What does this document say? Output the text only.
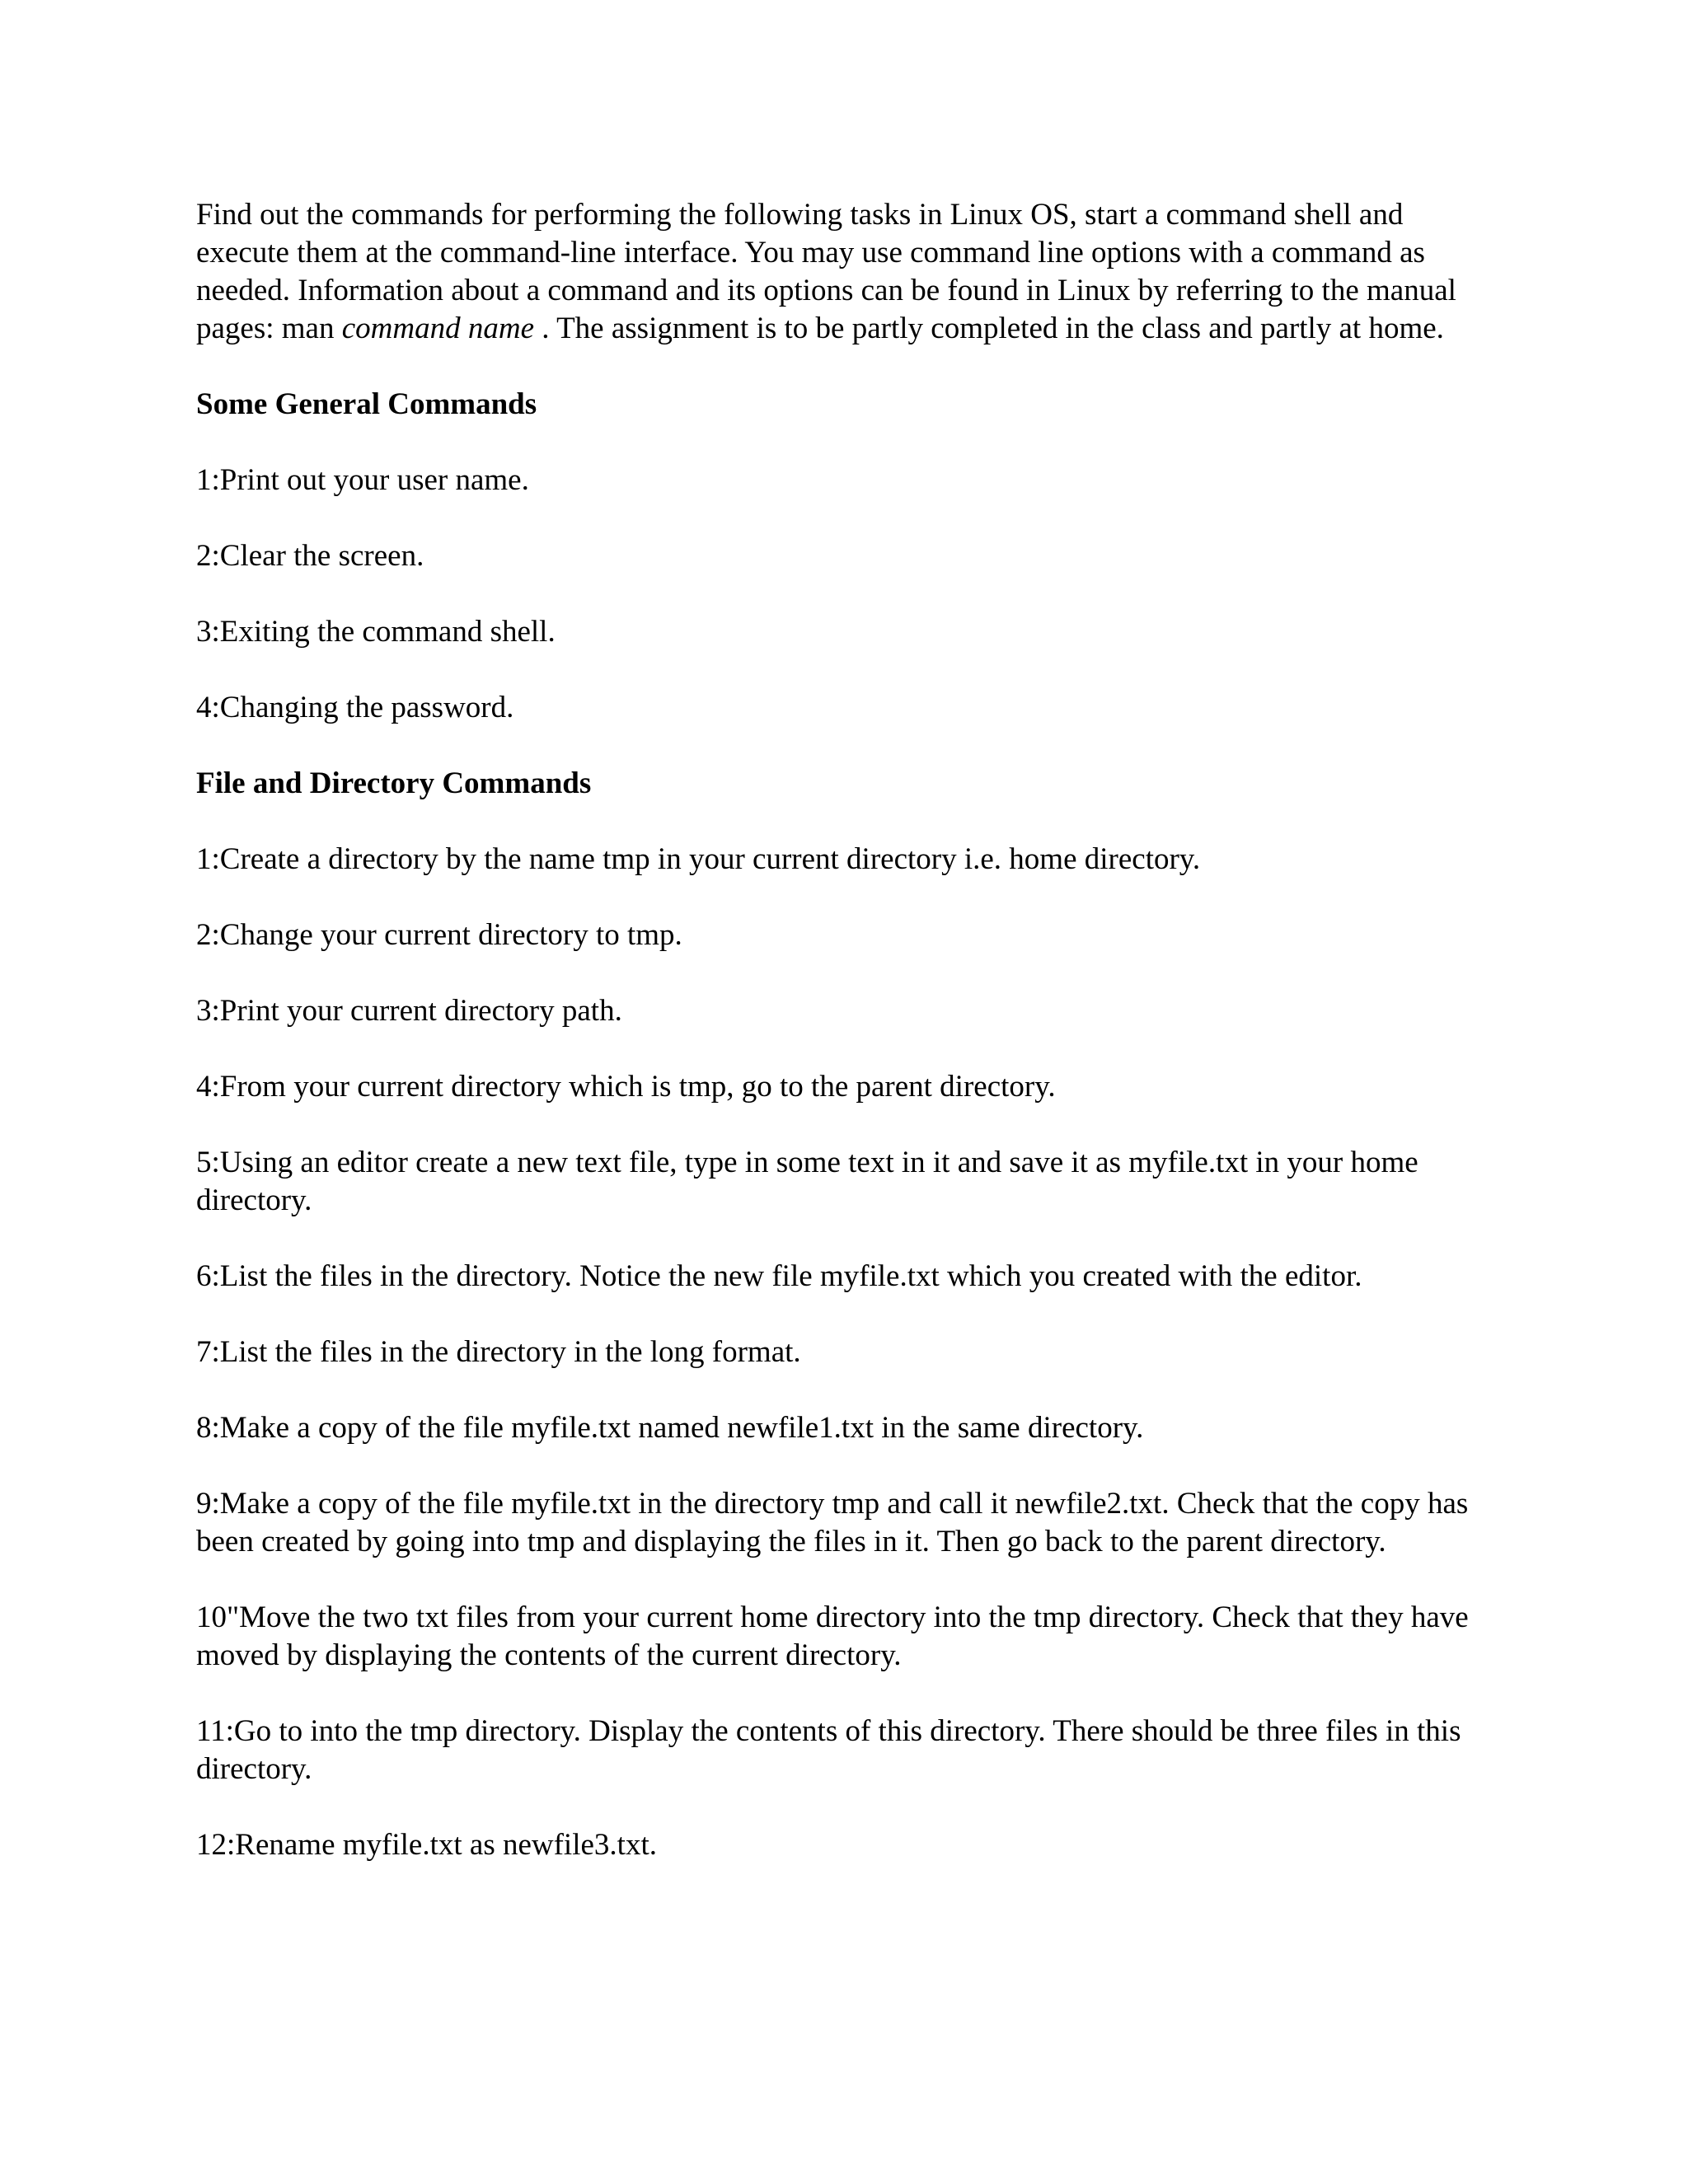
Find out the commands for performing the following tasks in Linux OS, start a command shell and execute them at the command-line interface. You may use command line options with a command as needed. Information about a command and its options can be found in Linux by referring to the manual pages: man command name . The assignment is to be partly completed in the class and partly at home.

Some General Commands

1:Print out your user name.

2:Clear the screen.

3:Exiting the command shell.

4:Changing the password.

File and Directory Commands

1:Create a directory by the name tmp in your current directory i.e. home directory.

2:Change your current directory to tmp.

3:Print your current directory path.

4:From your current directory which is tmp, go to the parent directory.

5:Using an editor create a new text file, type in some text in it and save it as myfile.txt in your home directory.

6:List the files in the directory. Notice the new file myfile.txt which you created with the editor.

7:List the files in the directory in the long format.

8:Make a copy of the file myfile.txt named newfile1.txt in the same directory.

9:Make a copy of the file myfile.txt in the directory tmp and call it newfile2.txt. Check that the copy has been created by going into tmp and displaying the files in it. Then go back to the parent directory.

10"Move the two txt files from your current home directory into the tmp directory. Check that they have moved by displaying the contents of the current directory.

11:Go to into the tmp directory. Display the contents of this directory. There should be three files in this directory.

12:Rename myfile.txt as newfile3.txt.
